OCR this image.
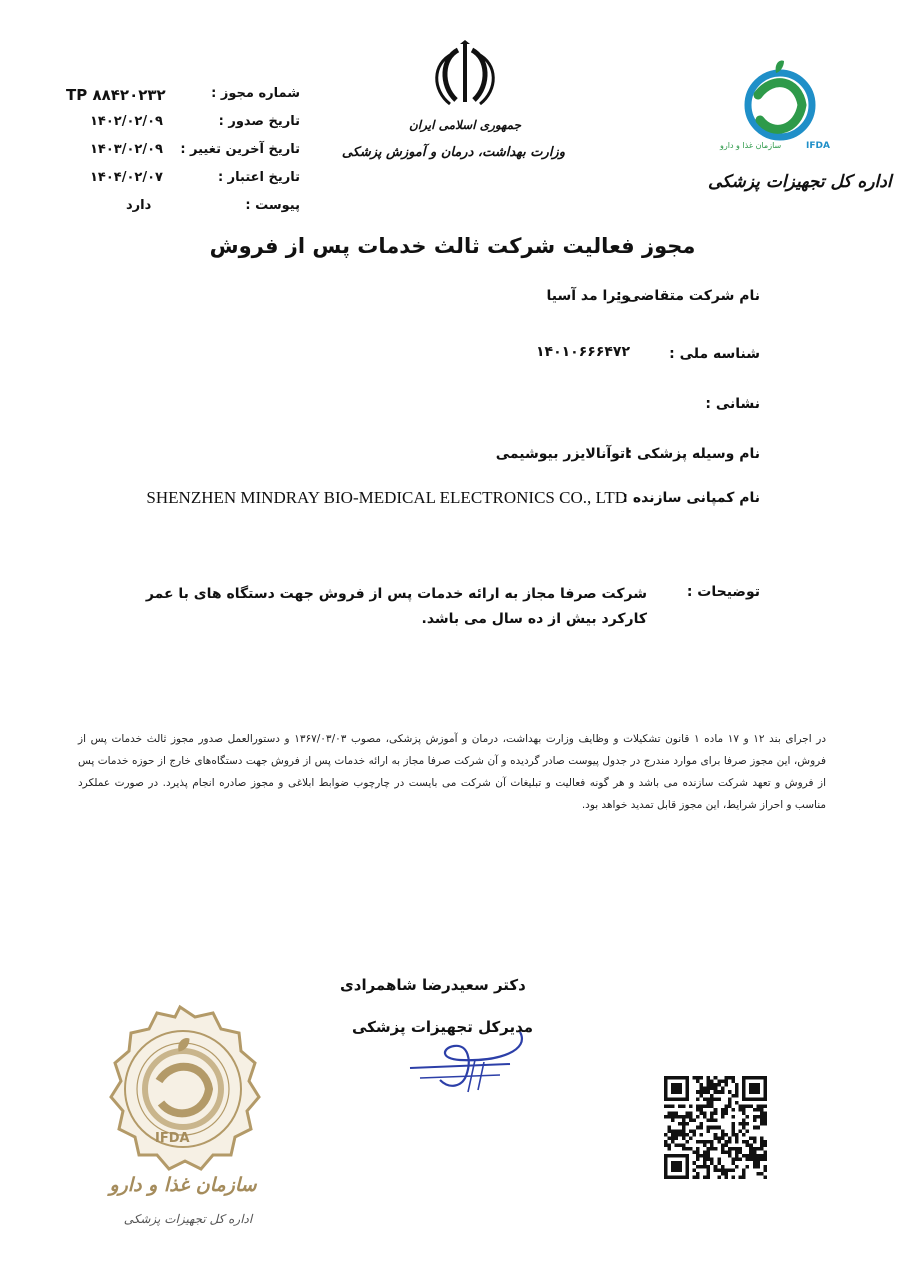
IFDA
سازمان غذا و دارو
اداره کل تجهیزات پزشکی
جمهوری اسلامی ایران
وزارت بهداشت، درمان و آموزش پزشکی
شماره مجوز :
TP ۸۸۴۲۰۲۳۲
تاریخ صدور :
۱۴۰۲/۰۲/۰۹
تاریخ آخرین تغییر :
۱۴۰۳/۰۲/۰۹
تاریخ اعتبار :
۱۴۰۴/۰۲/۰۷
پیوست :
دارد
مجوز فعالیت شرکت ثالث خدمات پس از فروش
نام شرکت متقاضی :
ویرا مد آسیا
شناسه ملی :
۱۴۰۱۰۶۶۶۴۷۲
نشانی :
نام وسیله پزشکی :
اتوآنالایزر بیوشیمی
نام کمپانی سازنده :
SHENZHEN MINDRAY BIO-MEDICAL ELECTRONICS CO., LTD
توضیحات :
شرکت صرفا مجاز به ارائه خدمات پس از فروش جهت دستگاه های با عمر کارکرد بیش از ده سال می باشد.
در اجرای بند ۱۲ و ۱۷ ماده ۱ قانون تشکیلات و وظایف وزارت بهداشت، درمان و آموزش پزشکی، مصوب ۱۳۶۷/۰۳/۰۳ و دستورالعمل صدور مجوز ثالث خدمات پس از فروش، این مجوز صرفا برای موارد مندرج در جدول پیوست صادر گردیده و آن شرکت صرفا مجاز به ارائه خدمات پس از فروش جهت دستگاه‌های خارج از حوزه خدمات پس از فروش و تعهد شرکت سازنده می باشد و هر گونه فعالیت و تبلیغات آن شرکت می بایست در چارچوب ضوابط ابلاغی و مجوز صادره انجام پذیرد. در صورت عملکرد مناسب و احراز شرایط، این مجوز قابل تمدید خواهد بود.
دکتر سعیدرضا شاهمرادی
مدیرکل تجهیزات پزشکی
IFDA
سازمان غذا و دارو
اداره کل تجهیزات پزشکی
